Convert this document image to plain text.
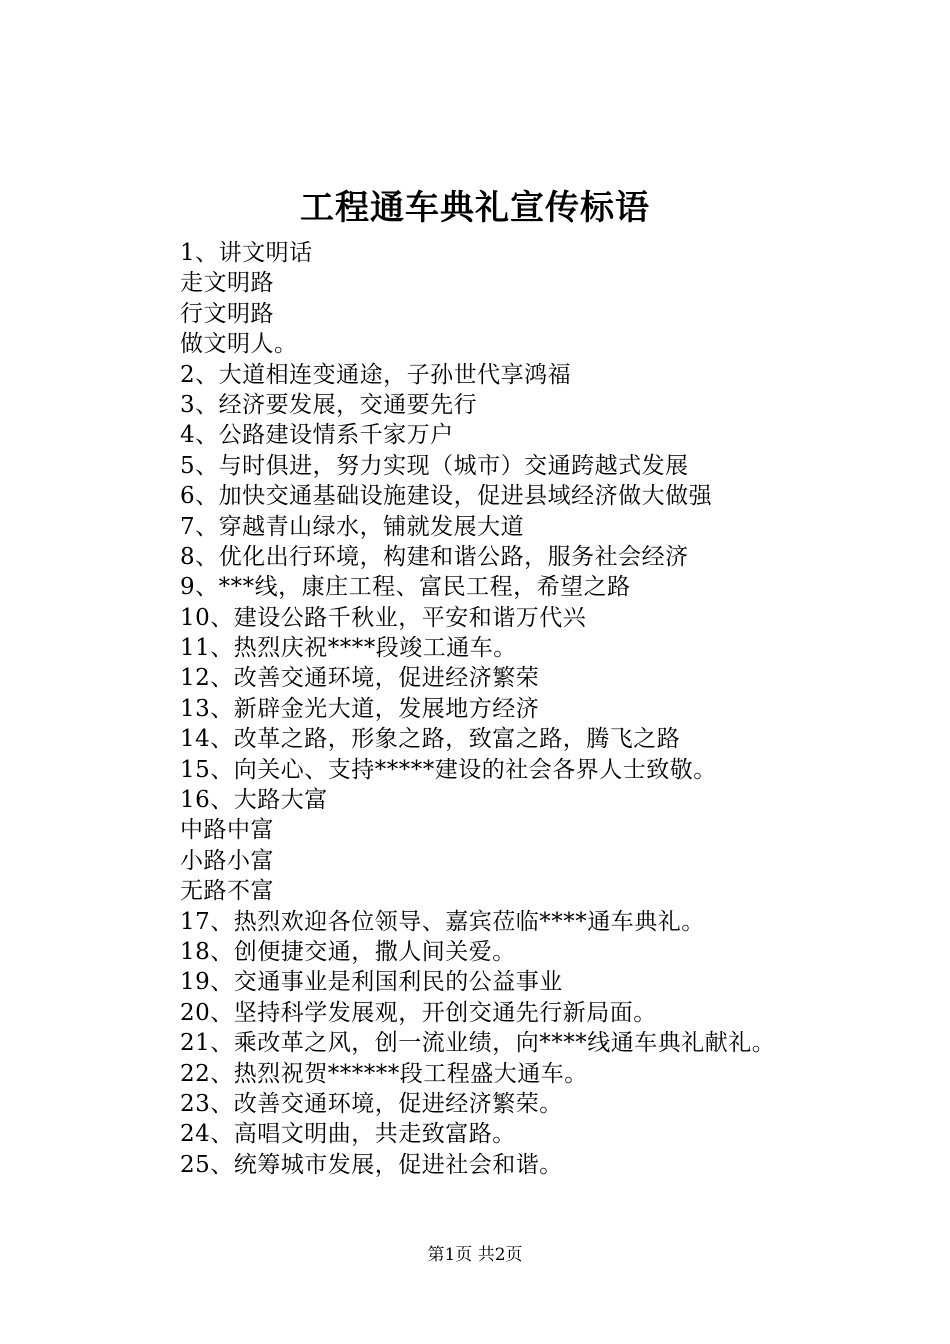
工程通车典礼宣传标语
1、讲文明话
走文明路
行文明路
做文明人。
2、大道相连变通途，子孙世代享鸿福
3、经济要发展，交通要先行
4、公路建设情系千家万户
5、与时俱进，努力实现（城市）交通跨越式发展
6、加快交通基础设施建设，促进县域经济做大做强
7、穿越青山绿水，铺就发展大道
8、优化出行环境，构建和谐公路，服务社会经济
9、***线，康庄工程、富民工程，希望之路
10、建设公路千秋业，平安和谐万代兴
11、热烈庆祝****段竣工通车。
12、改善交通环境，促进经济繁荣
13、新辟金光大道，发展地方经济
14、改革之路，形象之路，致富之路，腾飞之路
15、向关心、支持*****建设的社会各界人士致敬。
16、大路大富
中路中富
小路小富
无路不富
17、热烈欢迎各位领导、嘉宾莅临****通车典礼。
18、创便捷交通，撒人间关爱。
19、交通事业是利国利民的公益事业
20、坚持科学发展观，开创交通先行新局面。
21、乘改革之风，创一流业绩，向****线通车典礼献礼。
22、热烈祝贺******段工程盛大通车。
23、改善交通环境，促进经济繁荣。
24、高唱文明曲，共走致富路。
25、统筹城市发展，促进社会和谐。
第1页 共2页
